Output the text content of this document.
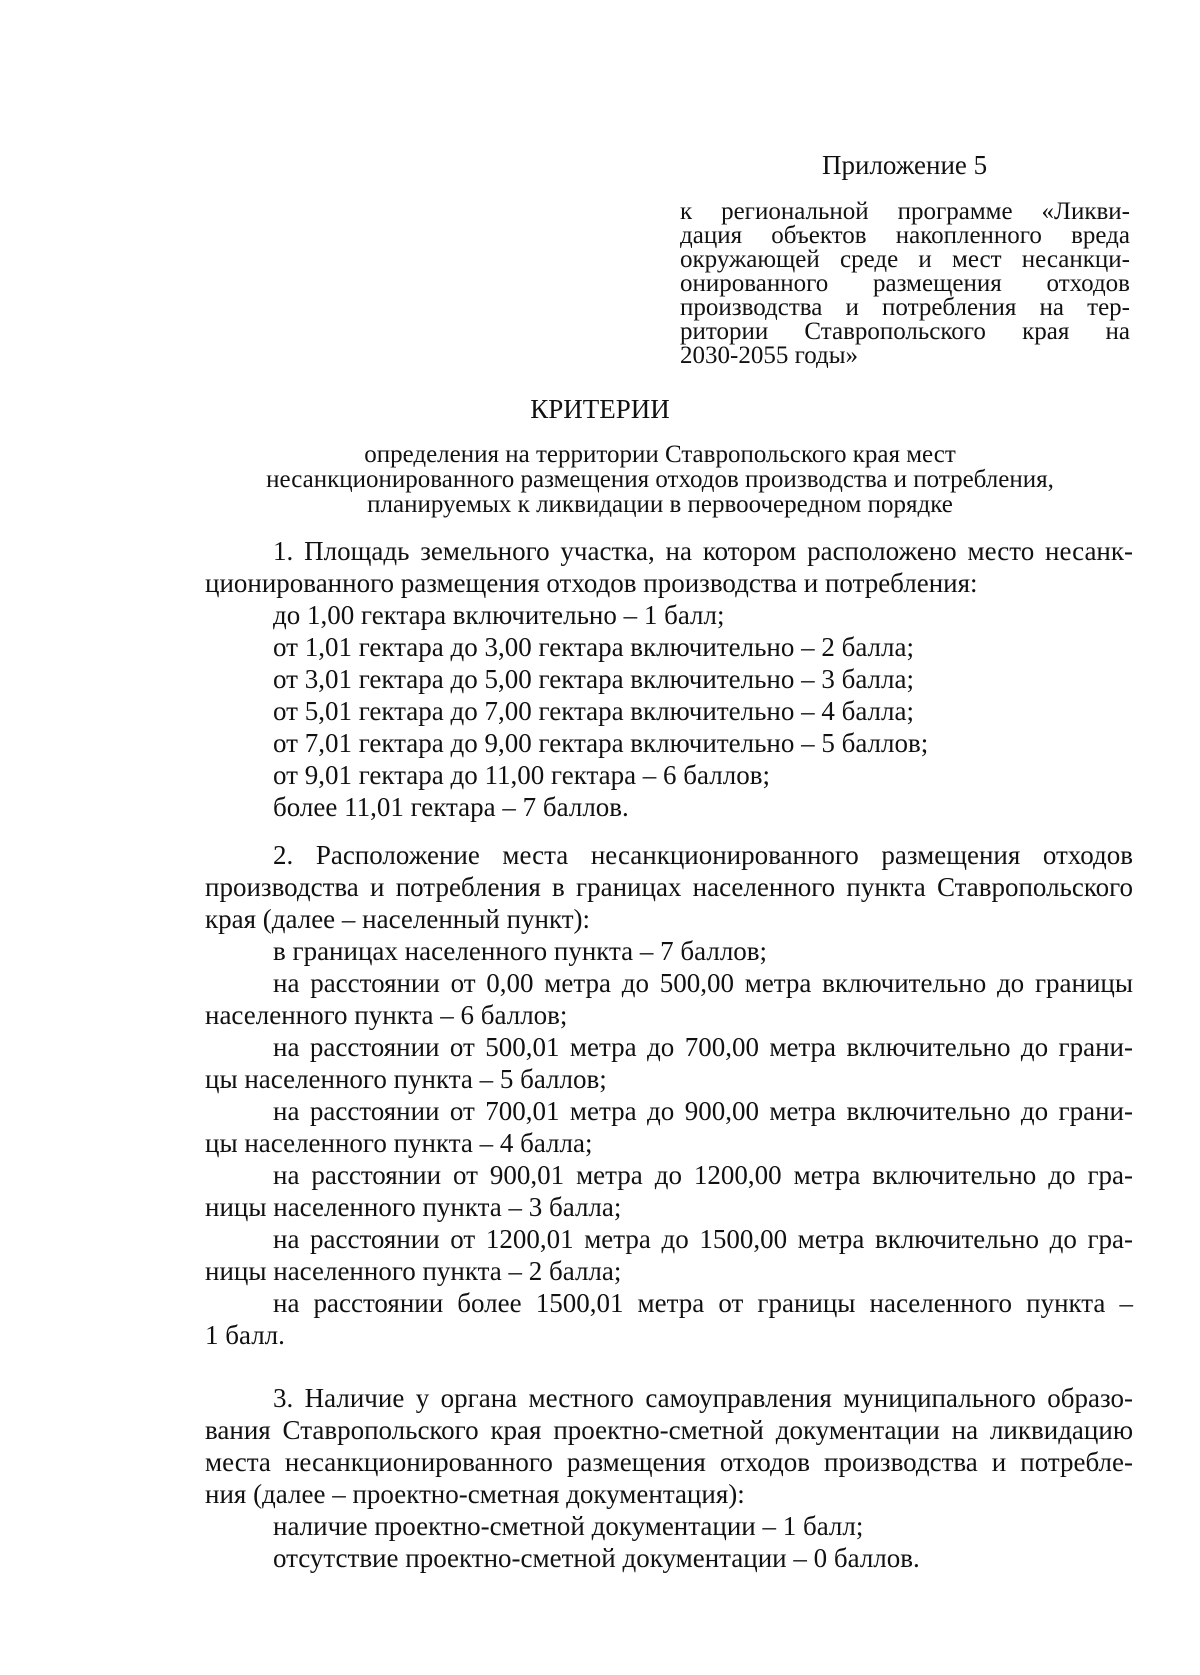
Приложение 5
к региональной программе «Ликви-
дация объектов накопленного вреда
окружающей среде и мест несанкци-
онированного размещения отходов
производства и потребления на тер-
ритории Ставропольского края на
2030-2055 годы»
КРИТЕРИИ
определения на территории Ставропольского края мест
несанкционированного размещения отходов производства и потребления,
планируемых к ликвидации в первоочередном порядке
1. Площадь земельного участка, на котором расположено место несанк-
ционированного размещения отходов производства и потребления:
до 1,00 гектара включительно – 1 балл;
от 1,01 гектара до 3,00 гектара включительно – 2 балла;
от 3,01 гектара до 5,00 гектара включительно – 3 балла;
от 5,01 гектара до 7,00 гектара включительно – 4 балла;
от 7,01 гектара до 9,00 гектара включительно – 5 баллов;
от 9,01 гектара до 11,00 гектара – 6 баллов;
более 11,01 гектара – 7 баллов.
2. Расположение места несанкционированного размещения отходов
производства и потребления в границах населенного пункта Ставропольского
края (далее – населенный пункт):
в границах населенного пункта – 7 баллов;
на расстоянии от 0,00 метра до 500,00 метра включительно до границы
населенного пункта – 6 баллов;
на расстоянии от 500,01 метра до 700,00 метра включительно до грани-
цы населенного пункта – 5 баллов;
на расстоянии от 700,01 метра до 900,00 метра включительно до грани-
цы населенного пункта – 4 балла;
на расстоянии от 900,01 метра до 1200,00 метра включительно до гра-
ницы населенного пункта – 3 балла;
на расстоянии от 1200,01 метра до 1500,00 метра включительно до гра-
ницы населенного пункта – 2 балла;
на расстоянии более 1500,01 метра от границы населенного пункта –
1 балл.
3. Наличие у органа местного самоуправления муниципального образо-
вания Ставропольского края проектно-сметной документации на ликвидацию
места несанкционированного размещения отходов производства и потребле-
ния (далее – проектно-сметная документация):
наличие проектно-сметной документации – 1 балл;
отсутствие проектно-сметной документации – 0 баллов.
